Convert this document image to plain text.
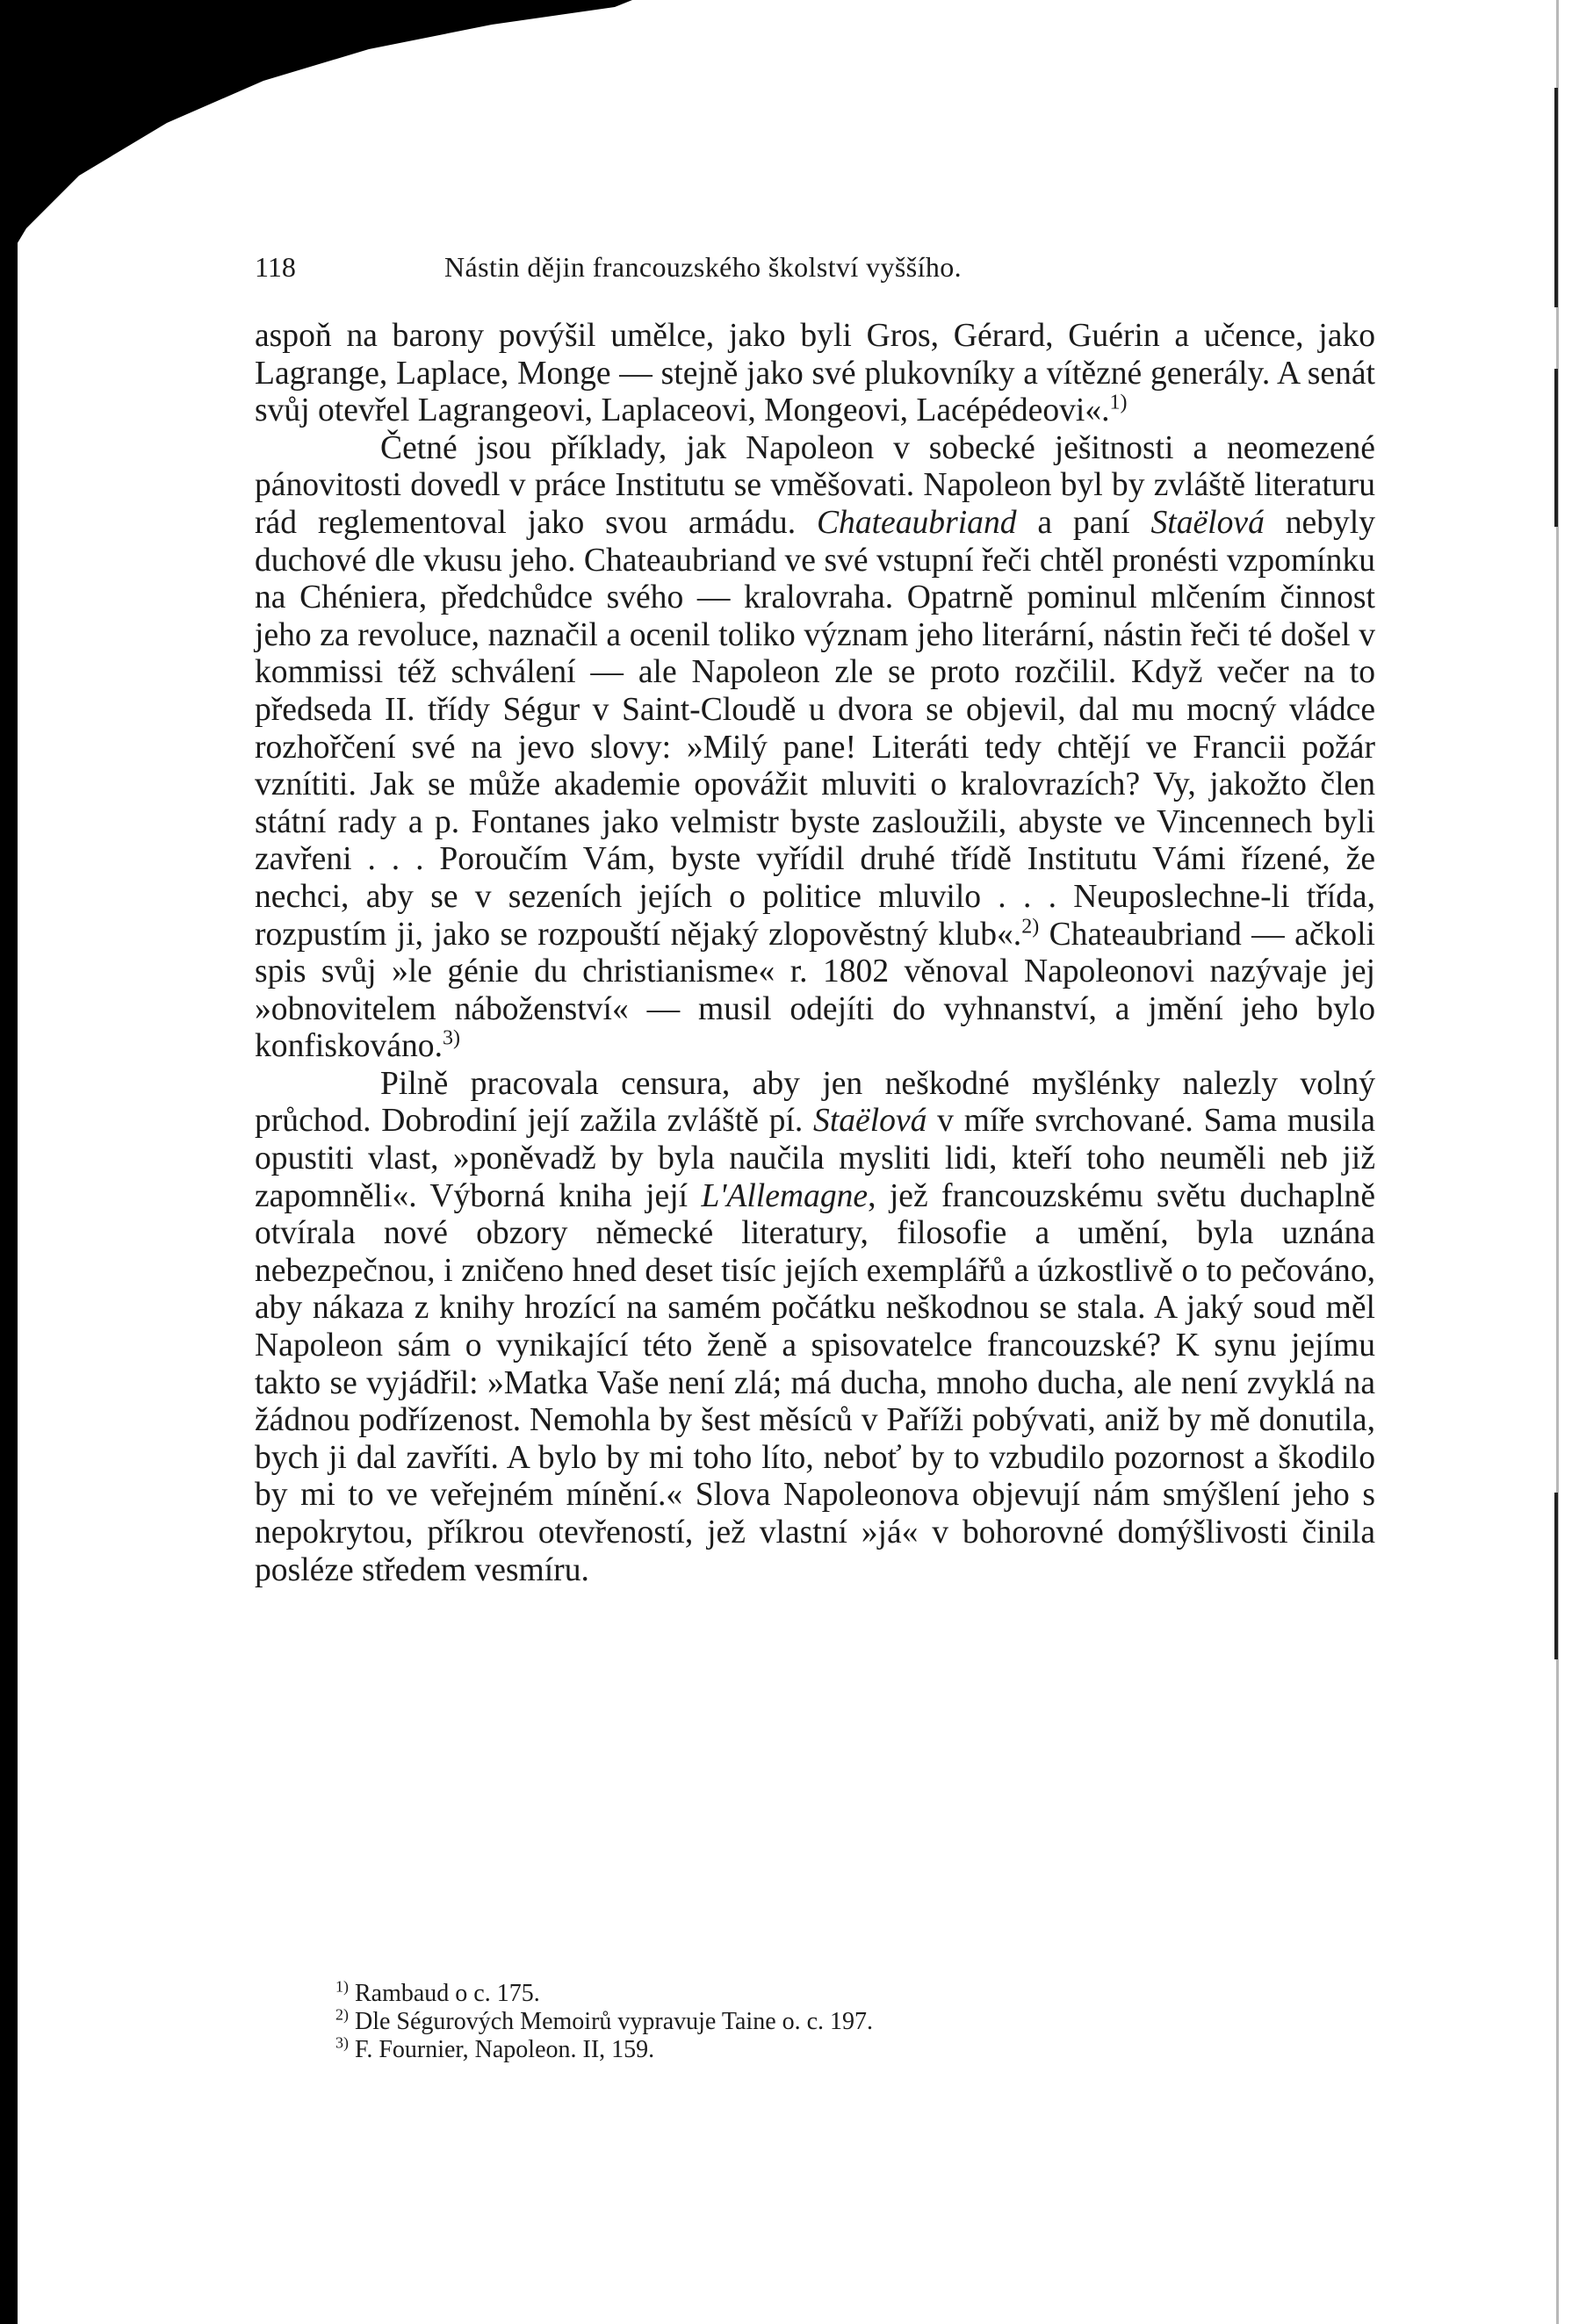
118	Nástin dějin francouzského školství vyššího.

aspoň na barony povýšil umělce, jako byli Gros, Gérard, Guérin a učence, jako Lagrange, Laplace, Monge — stejně jako své plukovníky a vítězné generály. A senát svůj otevřel Lagrangeovi, Laplaceovi, Mongeovi, Lacépédeovi«.$^{1)}$

Četné jsou příklady, jak Napoleon v sobecké ješitnosti a neomezené pánovitosti dovedl v práce Institutu se vměšovati. Napoleon byl by zvláště literaturu rád reglementoval jako svou armádu. Chateaubriand a paní Staëlová nebyly duchové dle vkusu jeho. Chateaubriand ve své vstupní řeči chtěl pronésti vzpomínku na Chéniera, předchůdce svého — kralovraha. Opatrně pominul mlčením činnost jeho za revoluce, naznačil a ocenil toliko význam jeho literární, nástin řeči té došel v kommissi též schválení — ale Napoleon zle se proto rozčilil. Když večer na to předseda II. třídy Ségur v Saint-Cloudě u dvora se objevil, dal mu mocný vládce rozhořčení své na jevo slovy: »Milý pane! Literáti tedy chtějí ve Francii požár vznítiti. Jak se může akademie opovážit mluviti o kralovrazích? Vy, jakožto člen státní rady a p. Fontanes jako velmistr byste zasloužili, abyste ve Vincennech byli zavřeni . . . Poroučím Vám, byste vyřídil druhé třídě Institutu Vámi řízené, že nechci, aby se v sezeních jejích o politice mluvilo . . . Neuposlechne-li třída, rozpustím ji, jako se rozpouští nějaký zlopověstný klub«.$^{2)}$ Chateaubriand — ačkoli spis svůj »le génie du christianisme« r. 1802 věnoval Napoleonovi nazývaje jej »obnovitelem náboženství« — musil odejíti do vyhnanství, a jmění jeho bylo konfiskováno.$^{3)}$

Pilně pracovala censura, aby jen neškodné myšlénky nalezly volný průchod. Dobrodiní její zažila zvláště pí. Staëlová v míře svrchované. Sama musila opustiti vlast, »poněvadž by byla naučila mysliti lidi, kteří toho neuměli neb již zapomněli«. Výborná kniha její L'Allemagne, jež francouzskému světu duchaplně otvírala nové obzory německé literatury, filosofie a umění, byla uznána nebezpečnou, i zničeno hned deset tisíc jejích exemplářů a úzkostlivě o to pečováno, aby nákaza z knihy hrozící na samém počátku neškodnou se stala. A jaký soud měl Napoleon sám o vynikající této ženě a spisovatelce francouzské? K synu jejímu takto se vyjádřil: »Matka Vaše není zlá; má ducha, mnoho ducha, ale není zvyklá na žádnou podřízenost. Nemohla by šest měsíců v Paříži pobývati, aniž by mě donutila, bych ji dal zavříti. A bylo by mi toho líto, neboť by to vzbudilo pozornost a škodilo by mi to ve veřejném mínění.« Slova Napoleonova objevují nám smýšlení jeho s nepokrytou, příkrou otevřeností, jež vlastní »já« v bohorovné domýšlivosti činila posléze středem vesmíru.

$^{1)}$ Rambaud o c. 175.

$^{2)}$ Dle Ségurových Memoirů vypravuje Taine o. c. 197.

$^{3)}$ F. Fournier, Napoleon. II, 159.
